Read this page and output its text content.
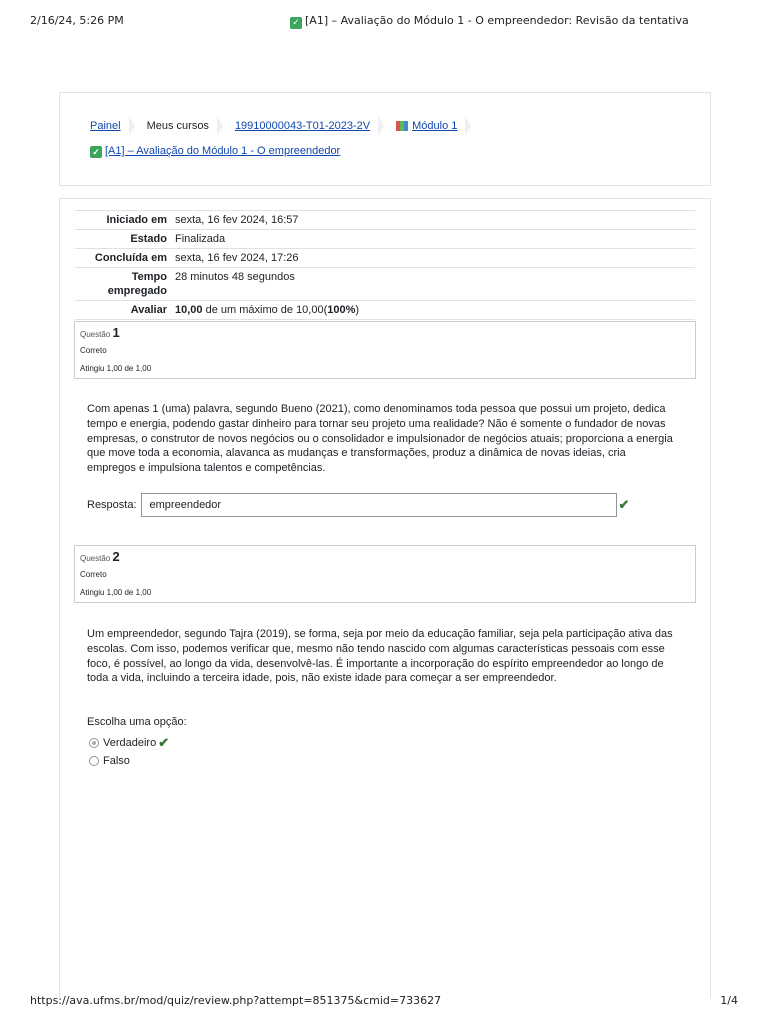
2/16/24, 5:26 PM	✓ [A1] – Avaliação do Módulo 1 - O empreendedor: Revisão da tentativa
Painel Meus cursos 19910000043-T01-2023-2V	Módulo 1
✓ [A1] – Avaliação do Módulo 1 - O empreendedor
Iniciado em sexta, 16 fev 2024, 16:57
Estado Finalizada
Concluída em sexta, 16 fev 2024, 17:26
Tempo empregado
28 minutos 48 segundos
Avaliar 10,00 de um máximo de 10,00(100%)
Questão 1
Correto
Atingiu 1,00 de 1,00
Com apenas 1 (uma) palavra, segundo Bueno (2021), como denominamos toda pessoa que possui um projeto, dedica tempo e energia, podendo gastar dinheiro para tornar seu projeto uma realidade? Não é somente o fundador de novas empresas, o construtor de novos negócios ou o consolidador e impulsionador de negócios atuais; proporciona a energia que move toda a economia, alavanca as mudanças e transformações, produz a dinâmica de novas ideias, cria empregos e impulsiona talentos e competências.
Resposta:
empreendedor	✔
Questão 2
Correto
Atingiu 1,00 de 1,00
Um empreendedor, segundo Tajra (2019), se forma, seja por meio da educação familiar, seja pela participação ativa das escolas. Com isso, podemos verificar que, mesmo não tendo nascido com algumas características pessoais com esse foco, é possível, ao longo da vida, desenvolvê-las. É importante a incorporação do espírito empreendedor ao longo de toda a vida, incluindo a terceira idade, pois, não existe idade para começar a ser empreendedor.
Escolha uma opção:
Verdadeiro ✔
Falso
https://ava.ufms.br/mod/quiz/review.php?attempt=851375&cmid=733627	1/4
